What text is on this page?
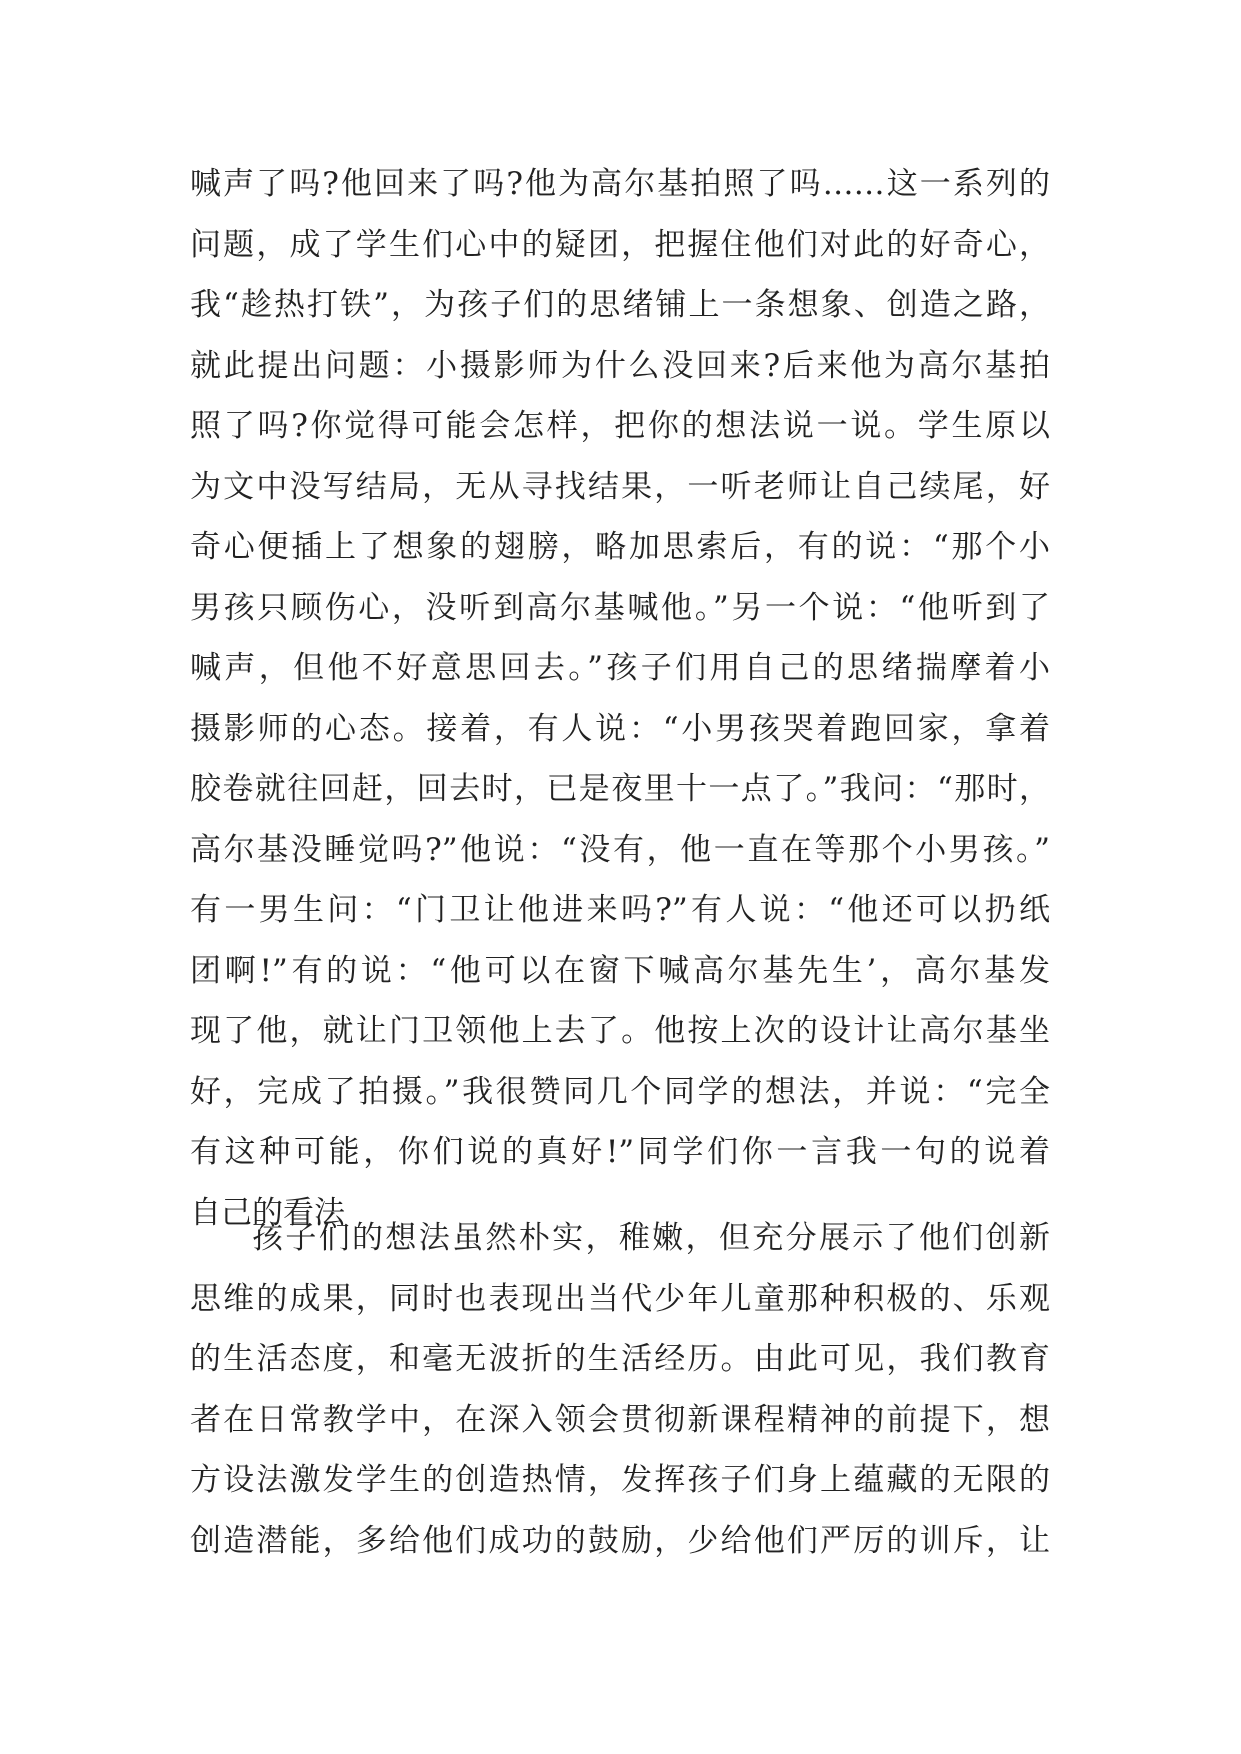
喊声了吗?他回来了吗?他为高尔基拍照了吗……这一系列的
问题，成了学生们心中的疑团，把握住他们对此的好奇心，
我“趁热打铁”，为孩子们的思绪铺上一条想象、创造之路，
就此提出问题：小摄影师为什么没回来?后来他为高尔基拍
照了吗?你觉得可能会怎样，把你的想法说一说。学生原以
为文中没写结局，无从寻找结果，一听老师让自己续尾，好
奇心便插上了想象的翅膀，略加思索后，有的说：“那个小
男孩只顾伤心，没听到高尔基喊他。”另一个说：“他听到了
喊声，但他不好意思回去。”孩子们用自己的思绪揣摩着小
摄影师的心态。接着，有人说：“小男孩哭着跑回家，拿着
胶卷就往回赶，回去时，已是夜里十一点了。”我问：“那时，
高尔基没睡觉吗?”他说：“没有，他一直在等那个小男孩。”
有一男生问：“门卫让他进来吗?”有人说：“他还可以扔纸
团啊!”有的说：“他可以在窗下喊高尔基先生’，高尔基发
现了他，就让门卫领他上去了。他按上次的设计让高尔基坐
好，完成了拍摄。”我很赞同几个同学的想法，并说：“完全
有这种可能，你们说的真好!”同学们你一言我一句的说着
自己的看法
孩子们的想法虽然朴实，稚嫩，但充分展示了他们创新
思维的成果，同时也表现出当代少年儿童那种积极的、乐观
的生活态度，和毫无波折的生活经历。由此可见，我们教育
者在日常教学中，在深入领会贯彻新课程精神的前提下，想
方设法激发学生的创造热情，发挥孩子们身上蕴藏的无限的
创造潜能，多给他们成功的鼓励，少给他们严厉的训斥，让
